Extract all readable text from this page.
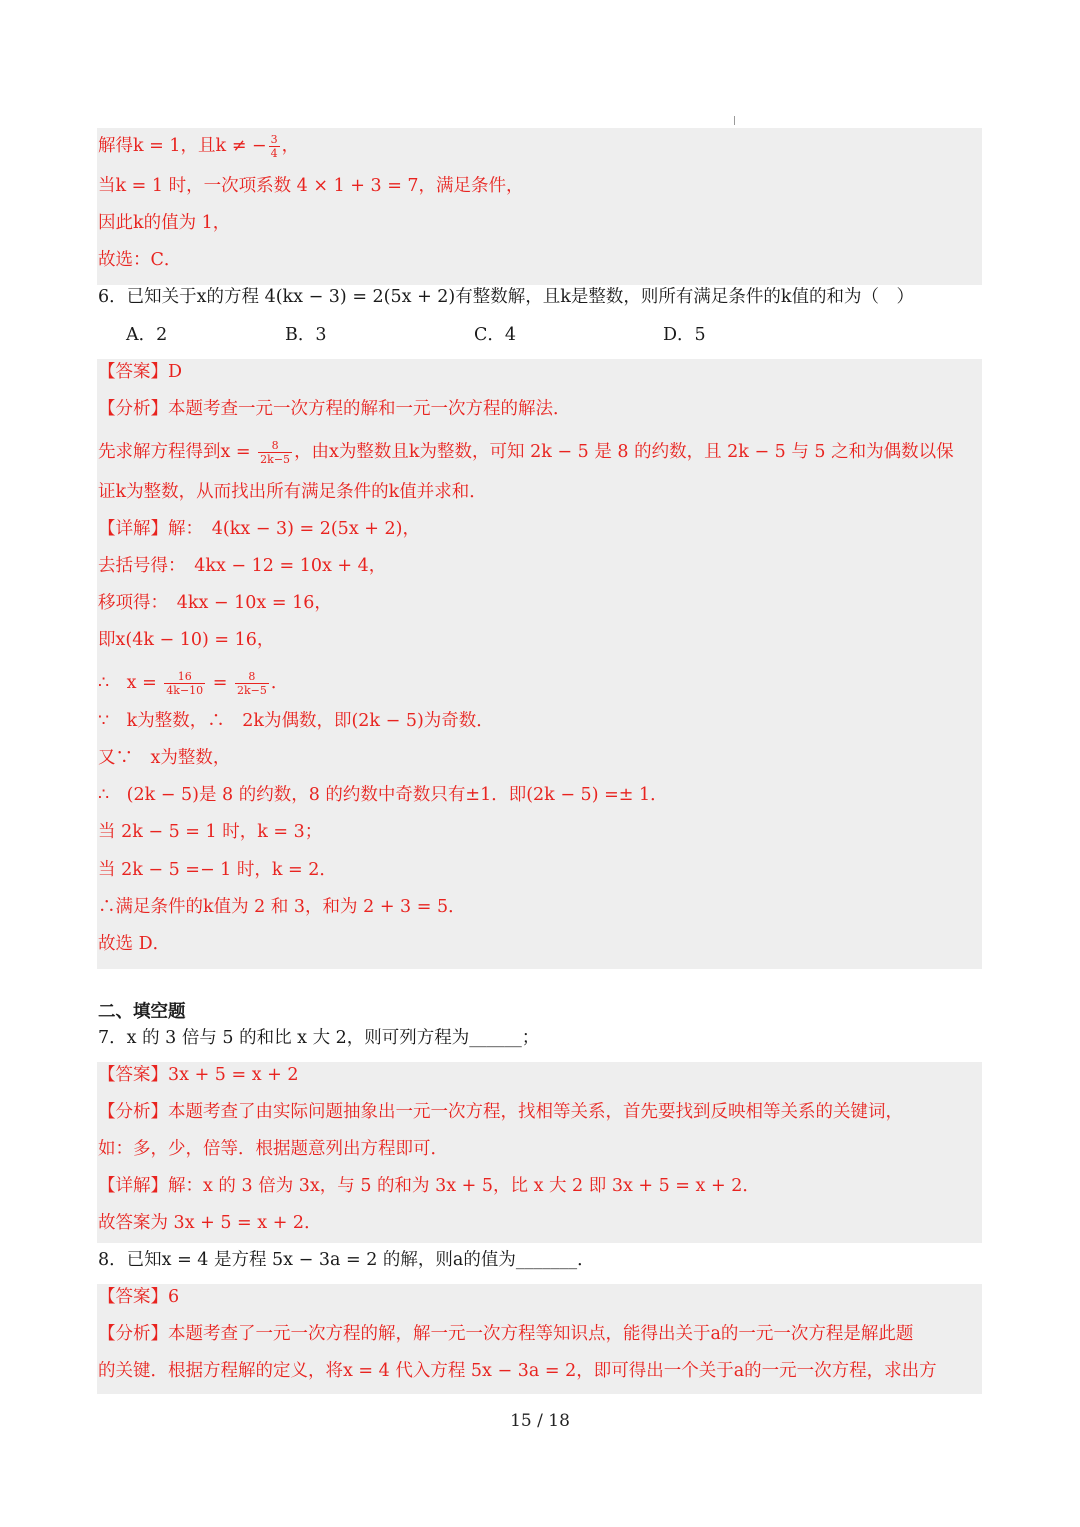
解得k = 1，且k ≠ − $\frac{3}{4}$ ，
当k = 1 时，一次项系数 4 × 1 + 3 = 7，满足条件，
因此k的值为 1，
故选：C．
6．已知关于x的方程 4(kx − 3) = 2(5x + 2)有整数解，且k是整数，则所有满足条件的k值的和为（　）
A．2	B．3	C．4	D．5
【答案】D
【分析】本题考查一元一次方程的解和一元一次方程的解法．
先求解方程得到$x = \frac{8}{2k-5}$ ，由x为整数且k为整数，可知 2k − 5 是 8 的约数，且 2k − 5 与 5 之和为偶数以保
证k为整数，从而找出所有满足条件的k值并求和．
【详解】解：　4(kx − 3) = 2(5x + 2)，
去括号得：　4kx − 12 = 10x + 4，
移项得：　4kx − 10x = 16，
即x(4k − 10) = 16，
∴　$x = \frac{16}{4k-10} = \frac{8}{2k-5}$ ．
∵　k为整数，∴　2k为偶数，即(2k − 5)为奇数．
又∵　x为整数，
∴　(2k − 5)是 8 的约数，8 的约数中奇数只有±1．即(2k − 5) =± 1．
当 2k − 5 = 1 时，k = 3；
当 2k − 5 =− 1 时，k = 2．
∴满足条件的k值为 2 和 3，和为 2 + 3 = 5．
故选 D．
二、填空题
7．x 的 3 倍与 5 的和比 x 大 2，则可列方程为______；
【答案】3x + 5 = x + 2
【分析】本题考查了由实际问题抽象出一元一次方程，找相等关系，首先要找到反映相等关系的关键词，
如：多，少，倍等．根据题意列出方程即可．
【详解】解：x 的 3 倍为 3x，与 5 的和为 3x + 5，比 x 大 2 即 3x + 5 = x + 2．
故答案为 3x + 5 = x + 2．
8．已知x = 4 是方程 5x − 3a = 2 的解，则a的值为_______．
【答案】6
【分析】本题考查了一元一次方程的解，解一元一次方程等知识点，能得出关于a的一元一次方程是解此题
的关键．根据方程解的定义，将x = 4 代入方程 5x − 3a = 2，即可得出一个关于a的一元一次方程，求出方
15 / 18
